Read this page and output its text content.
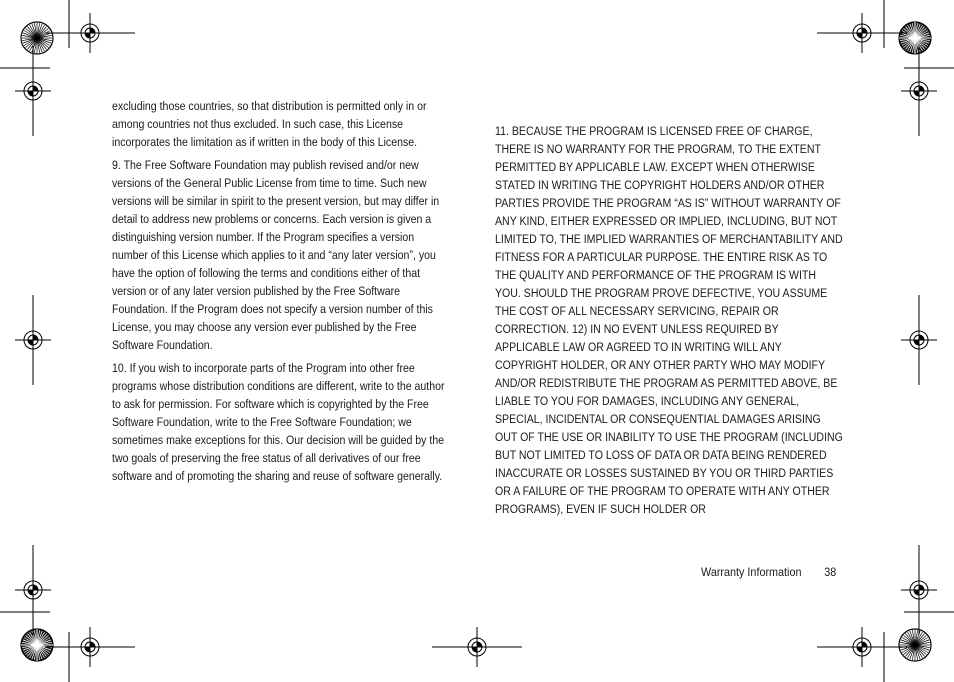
excluding those countries, so that distribution is permitted only in or among countries not thus excluded. In such case, this License incorporates the limitation as if written in the body of this License.

9. The Free Software Foundation may publish revised and/or new versions of the General Public License from time to time. Such new versions will be similar in spirit to the present version, but may differ in detail to address new problems or concerns. Each version is given a distinguishing version number. If the Program specifies a version number of this License which applies to it and “any later version”, you have the option of following the terms and conditions either of that version or of any later version published by the Free Software Foundation. If the Program does not specify a version number of this License, you may choose any version ever published by the Free Software Foundation.

10. If you wish to incorporate parts of the Program into other free programs whose distribution conditions are different, write to the author to ask for permission. For software which is copyrighted by the Free Software Foundation, write to the Free Software Foundation; we sometimes make exceptions for this. Our decision will be guided by the two goals of preserving the free status of all derivatives of our free software and of promoting the sharing and reuse of software generally.

11. BECAUSE THE PROGRAM IS LICENSED FREE OF CHARGE, THERE IS NO WARRANTY FOR THE PROGRAM, TO THE EXTENT PERMITTED BY APPLICABLE LAW. EXCEPT WHEN OTHERWISE STATED IN WRITING THE COPYRIGHT HOLDERS AND/OR OTHER PARTIES PROVIDE THE PROGRAM “AS IS” WITHOUT WARRANTY OF ANY KIND, EITHER EXPRESSED OR IMPLIED, INCLUDING, BUT NOT LIMITED TO, THE IMPLIED WARRANTIES OF MERCHANTABILITY AND FITNESS FOR A PARTICULAR PURPOSE. THE ENTIRE RISK AS TO THE QUALITY AND PERFORMANCE OF THE PROGRAM IS WITH YOU. SHOULD THE PROGRAM PROVE DEFECTIVE, YOU ASSUME THE COST OF ALL NECESSARY SERVICING, REPAIR OR CORRECTION. 12) IN NO EVENT UNLESS REQUIRED BY APPLICABLE LAW OR AGREED TO IN WRITING WILL ANY COPYRIGHT HOLDER, OR ANY OTHER PARTY WHO MAY MODIFY AND/OR REDISTRIBUTE THE PROGRAM AS PERMITTED ABOVE, BE LIABLE TO YOU FOR DAMAGES, INCLUDING ANY GENERAL, SPECIAL, INCIDENTAL OR CONSEQUENTIAL DAMAGES ARISING OUT OF THE USE OR INABILITY TO USE THE PROGRAM (INCLUDING BUT NOT LIMITED TO LOSS OF DATA OR DATA BEING RENDERED INACCURATE OR LOSSES SUSTAINED BY YOU OR THIRD PARTIES OR A FAILURE OF THE PROGRAM TO OPERATE WITH ANY OTHER PROGRAMS), EVEN IF SUCH HOLDER OR

Warranty Information 38
